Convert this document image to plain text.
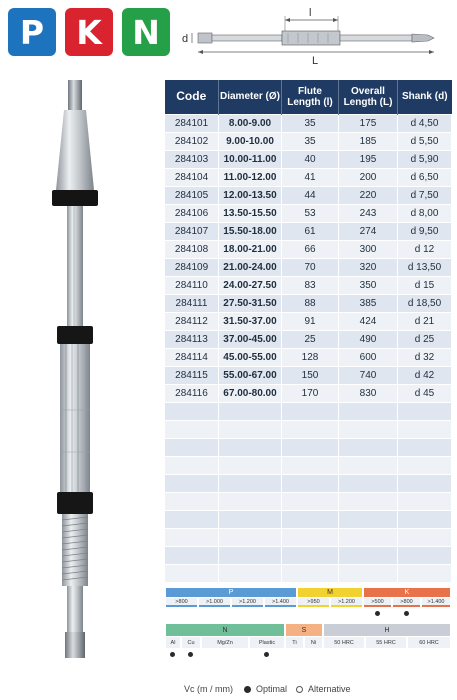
P K N	l
d
L
Code	Diameter (Ø)	Flute Length (l)	Overall Length (L)	Shank (d)
284101	8.00-9.00	35	175	d 4,50
284102	9.00-10.00	35	185	d 5,50
284103	10.00-11.00	40	195	d 5,90
284104	11.00-12.00	41	200	d 6,50
284105	12.00-13.50	44	220	d 7,50
284106	13.50-15.50	53	243	d 8,00
284107	15.50-18.00	61	274	d 9,50
284108	18.00-21.00	66	300	d 12
284109	21.00-24.00	70	320	d 13,50
284110	24.00-27.50	83	350	d 15
284111	27.50-31.50	88	385	d 18,50
284112	31.50-37.00	91	424	d 21
284113	37.00-45.00	25	490	d 25
284114	45.00-55.00	128	600	d 32
284115	55.00-67.00	150	740	d 42
284116	67.00-80.00	170	830	d 45

P	M	K
>800	>1.000	>1.200	>1.400	>950	>1.200	>500	>800	>1.400
N	S	H
Al	Cu	Mg/Zn	Plastic	Ti	Ni	50 HRC	55 HRC	60 HRC
Vc (m / mm)	Optimal Alternative
